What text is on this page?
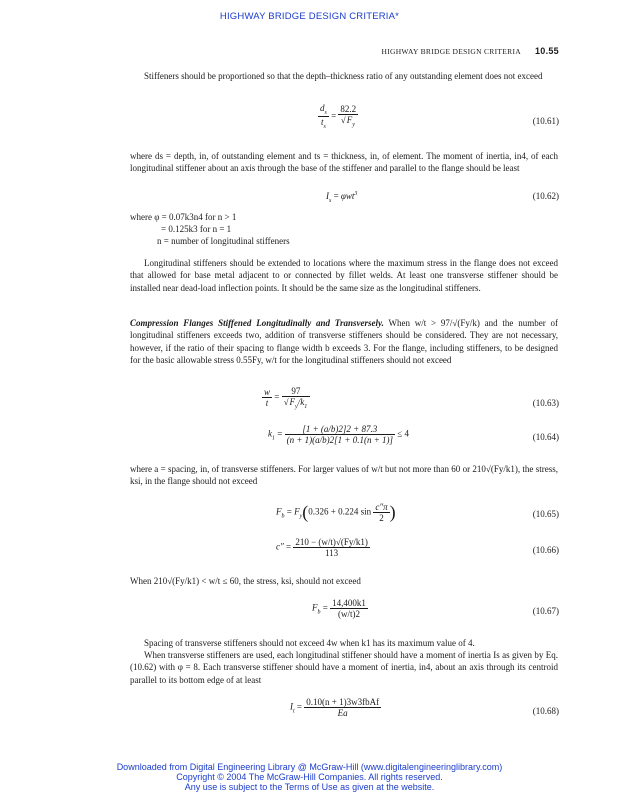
HIGHWAY BRIDGE DESIGN CRITERIA*
HIGHWAY BRIDGE DESIGN CRITERIA 10.55
Stiffeners should be proportioned so that the depth–thickness ratio of any outstanding element does not exceed
$\frac{d_s}{t_s} = \frac{82.2}{√F_y}$	(10.61)
where ds = depth, in, of outstanding element and ts = thickness, in, of element. The moment of inertia, in4, of each longitudinal stiffener about an axis through the base of the stiffener and parallel to the flange should be least
$I_s = \varphi wt^3$	(10.62)
where φ = 0.07k3n4 for n > 1
= 0.125k3 for n = 1
n = number of longitudinal stiffeners
Longitudinal stiffeners should be extended to locations where the maximum stress in the flange does not exceed that allowed for base metal adjacent to or connected by fillet welds. At least one transverse stiffener should be installed near dead-load inflection points. It should be the same size as the longitudinal stiffeners.
Compression Flanges Stiffened Longitudinally and Transversely. When w/t > 97/√(Fy/k) and the number of longitudinal stiffeners exceeds two, addition of transverse stiffeners should be considered. They are not necessary, however, if the ratio of their spacing to flange width b exceeds 3. For the flange, including stiffeners, to be designed for the basic allowable stress 0.55Fy, w/t for the longitudinal stiffeners should not exceed
$\frac{w}{t} = \frac{97}{√F_y/k_1}$	(10.63)
$k_1 = \frac{[1 + (a/b)2]2 + 87.3}{(n + 1)(a/b)2[1 + 0.1(n + 1)]} \le 4$	(10.64)
where a = spacing, in, of transverse stiffeners. For larger values of w/t but not more than 60 or 210√(Fy/k1), the stress, ksi, in the flange should not exceed
$F_b = F_y(0.326 + 0.224$ $\sin \frac{c''\pi}{2}$ )	(10.65)
$c'' = \frac{210 - (w/t)√(Fy/k1)}{113}$	(10.66)
When 210√(Fy/k1) < w/t ≤ 60, the stress, ksi, should not exceed
$F_b = \frac{14,400k1}{(w/t)2}$	(10.67)
Spacing of transverse stiffeners should not exceed 4w when k1 has its maximum value of 4.
When transverse stiffeners are used, each longitudinal stiffener should have a moment of inertia Is as given by Eq. (10.62) with φ = 8. Each transverse stiffener should have a moment of inertia, in4, about an axis through its centroid parallel to its bottom edge of at least
$I_t = \frac{\text{0.10(n + 1)3w3fbAf}}{Ea}$	(10.68)
Downloaded from Digital Engineering Library @ McGraw-Hill (www.digitalengineeringlibrary.com)
Copyright © 2004 The McGraw-Hill Companies. All rights reserved.
Any use is subject to the Terms of Use as given at the website.
